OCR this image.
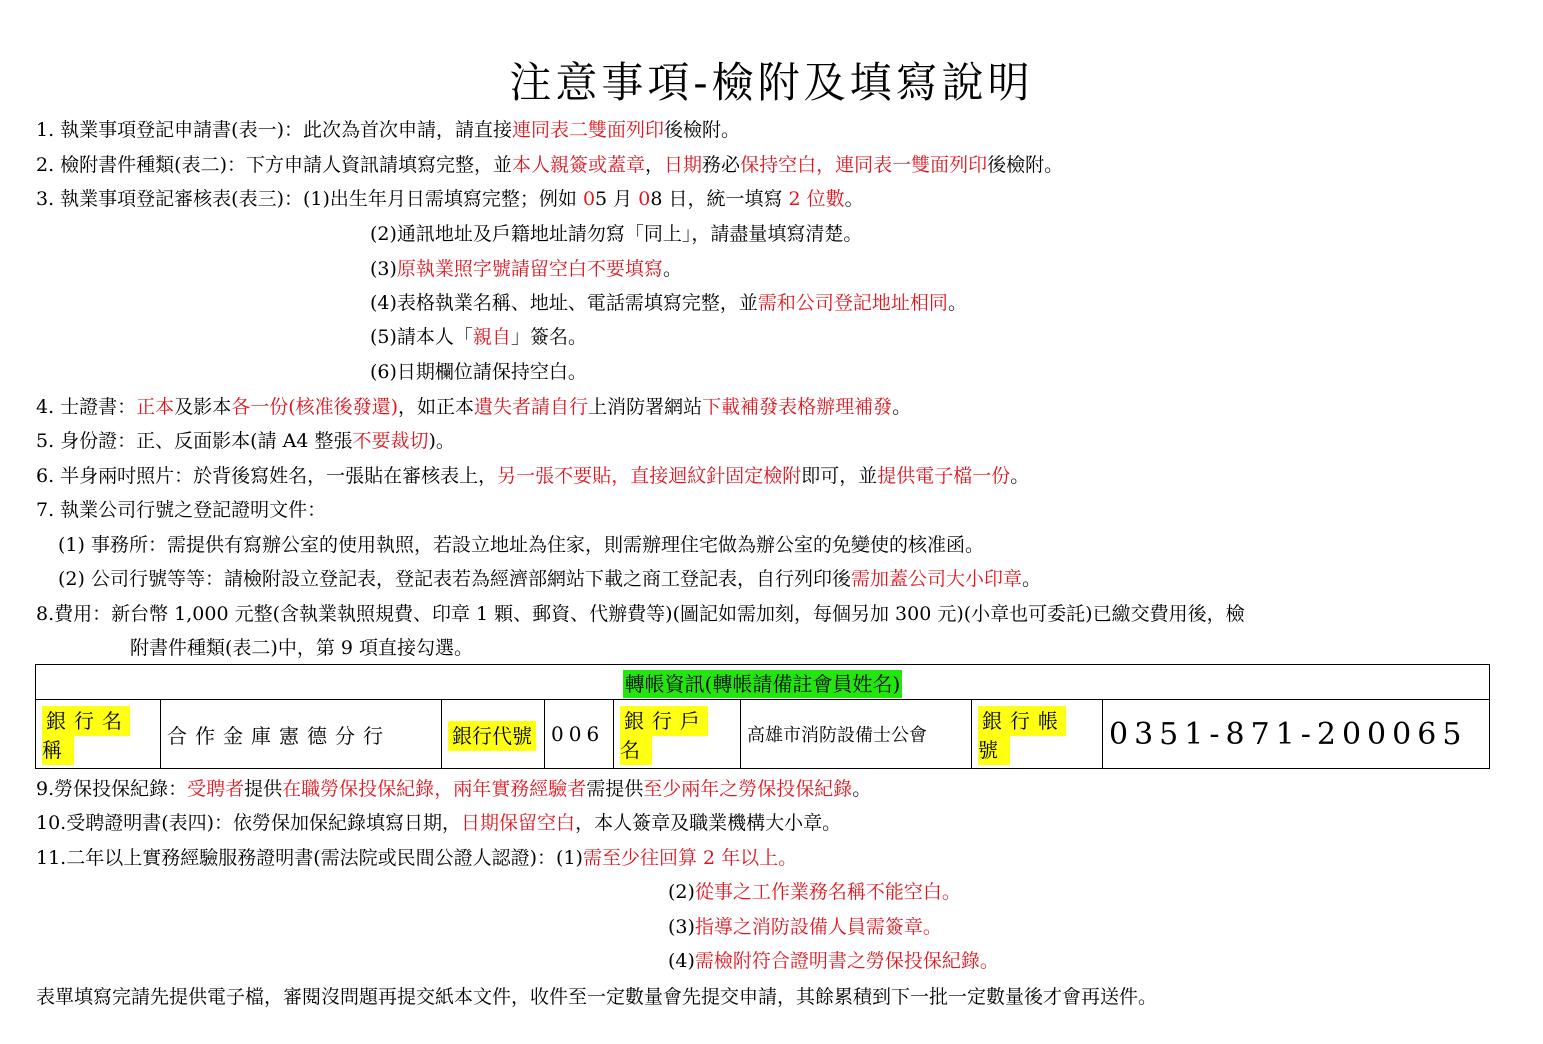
注意事項-檢附及填寫說明
1. 執業事項登記申請書(表一)：此次為首次申請，請直接連同表二雙面列印後檢附。
2. 檢附書件種類(表二)：下方申請人資訊請填寫完整，並本人親簽或蓋章，日期務必保持空白，連同表一雙面列印後檢附。
3. 執業事項登記審核表(表三)：(1)出生年月日需填寫完整；例如 05 月 08 日，統一填寫 2 位數。
(2)通訊地址及戶籍地址請勿寫「同上」，請盡量填寫清楚。
(3)原執業照字號請留空白不要填寫。
(4)表格執業名稱、地址、電話需填寫完整，並需和公司登記地址相同。
(5)請本人「親自」簽名。
(6)日期欄位請保持空白。
4. 士證書：正本及影本各一份(核准後發還)，如正本遺失者請自行上消防署網站下載補發表格辦理補發。
5. 身份證：正、反面影本(請 A4 整張不要裁切)。
6. 半身兩吋照片：於背後寫姓名，一張貼在審核表上，另一張不要貼，直接迴紋針固定檢附即可，並提供電子檔一份。
7. 執業公司行號之登記證明文件：
(1) 事務所：需提供有寫辦公室的使用執照，若設立地址為住家，則需辦理住宅做為辦公室的免變使的核准函。
(2) 公司行號等等：請檢附設立登記表，登記表若為經濟部網站下載之商工登記表，自行列印後需加蓋公司大小印章。
8.費用：新台幣 1,000 元整(含執業執照規費、印章 1 顆、郵資、代辦費等)(圖記如需加刻，每個另加 300 元)(小章也可委託)已繳交費用後，檢
附書件種類(表二)中，第 9 項直接勾選。
轉帳資訊(轉帳請備註會員姓名)
銀行名稱	合作金庫憲德分行	銀行代號	006	銀行戶名	高雄市消防設備士公會	銀行帳號	0351-871-200065
9.勞保投保紀錄：受聘者提供在職勞保投保紀錄，兩年實務經驗者需提供至少兩年之勞保投保紀錄。
10.受聘證明書(表四)：依勞保加保紀錄填寫日期，日期保留空白，本人簽章及職業機構大小章。
11.二年以上實務經驗服務證明書(需法院或民間公證人認證)：(1)需至少往回算 2 年以上。
(2)從事之工作業務名稱不能空白。
(3)指導之消防設備人員需簽章。
(4)需檢附符合證明書之勞保投保紀錄。
表單填寫完請先提供電子檔，審閱沒問題再提交紙本文件，收件至一定數量會先提交申請，其餘累積到下一批一定數量後才會再送件。
